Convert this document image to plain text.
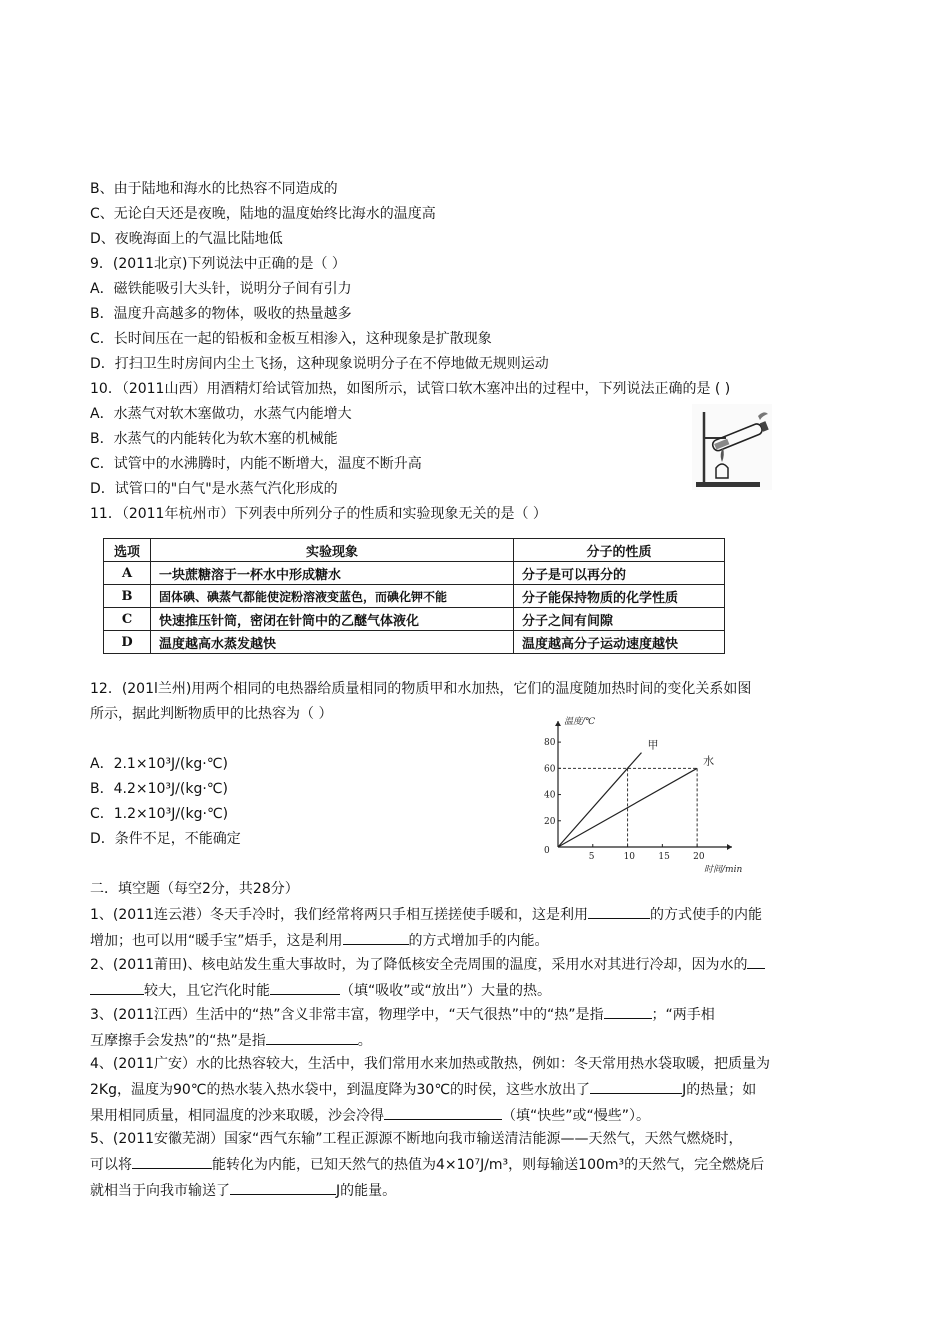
B、由于陆地和海水的比热容不同造成的
C、无论白天还是夜晚，陆地的温度始终比海水的温度高
D、夜晚海面上的气温比陆地低
9．(2011北京)下列说法中正确的是（ ）
A．磁铁能吸引大头针，说明分子间有引力
B．温度升高越多的物体，吸收的热量越多
C．长时间压在一起的铅板和金板互相渗入，这种现象是扩散现象
D．打扫卫生时房间内尘土飞扬，这种现象说明分子在不停地做无规则运动
10．（2011山西）用酒精灯给试管加热，如图所示，试管口软木塞冲出的过程中，下列说法正确的是 ( )
A．水蒸气对软木塞做功，水蒸气内能增大
B．水蒸气的内能转化为软木塞的机械能
C．试管中的水沸腾时，内能不断增大，温度不断升高
D．试管口的"白气"是水蒸气汽化形成的
11．（2011年杭州市）下列表中所列分子的性质和实验现象无关的是（ ）
选项	实验现象	分子的性质
A	一块蔗糖溶于一杯水中形成糖水	分子是可以再分的
B	固体碘、碘蒸气都能使淀粉溶液变蓝色，而碘化钾不能	分子能保持物质的化学性质
C	快速推压针筒，密闭在针筒中的乙醚气体液化	分子之间有间隙
D	温度越高水蒸发越快	温度越高分子运动速度越快
12．(201l兰州)用两个相同的电热器给质量相同的物质甲和水加热，它们的温度随加热时间的变化关系如图
所示，据此判断物质甲的比热容为（ ）
A．2.1×10³J/(kg·℃)
B．4.2×10³J/(kg·℃)
C．1.2×10³J/(kg·℃)
D．条件不足，不能确定
温度/℃
时间/min
0
5	10	15	20
20
40
60
80	甲
水
二．填空题（每空2分，共28分）
1、(2011连云港）冬天手冷时，我们经常将两只手相互搓搓使手暖和，这是利用	的方式使手的内能
增加；也可以用“暖手宝”焐手，这是利用	的方式增加手的内能。
2、(2011莆田)、核电站发生重大事故时，为了降低核安全壳周围的温度，采用水对其进行冷却，因为水的
较大，且它汽化时能	（填“吸收”或“放出”）大量的热。
3、(2011江西）生活中的“热”含义非常丰富，物理学中，“天气很热”中的“热”是指	；“两手相
互摩擦手会发热”的“热”是指	。
4、(2011广安）水的比热容较大，生活中，我们常用水来加热或散热，例如：冬天常用热水袋取暖，把质量为
2Kg，温度为90℃的热水装入热水袋中，到温度降为30℃的时侯，这些水放出了	J的热量；如
果用相同质量，相同温度的沙来取暖，沙会冷得	（填“快些”或“慢些”）。
5、(2011安徽芜湖）国家“西气东输”工程正源源不断地向我市输送清洁能源——天然气，天然气燃烧时，
可以将	能转化为内能，已知天然气的热值为4×10⁷J/m³，则每输送100m³的天然气，完全燃烧后
就相当于向我市输送了	J的能量。
